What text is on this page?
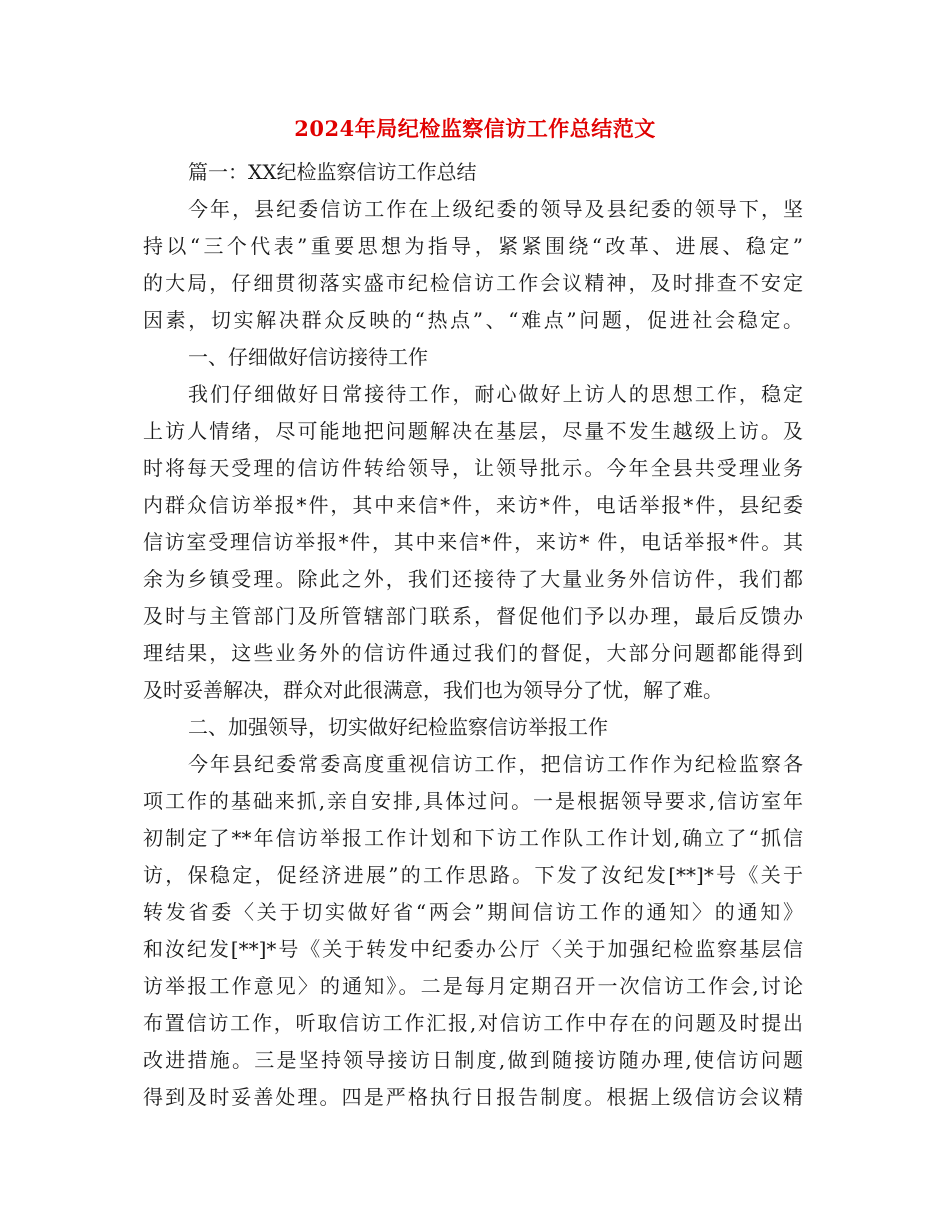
2024年局纪检监察信访工作总结范文
篇一：XX纪检监察信访工作总结
今年，县纪委信访工作在上级纪委的领导及县纪委的领导下，坚
持以“三个代表”重要思想为指导，紧紧围绕“改革、进展、稳定”
的大局，仔细贯彻落实盛市纪检信访工作会议精神，及时排查不安定
因素，切实解决群众反映的“热点”、“难点”问题，促进社会稳定。
一、仔细做好信访接待工作
我们仔细做好日常接待工作，耐心做好上访人的思想工作，稳定
上访人情绪，尽可能地把问题解决在基层，尽量不发生越级上访。及
时将每天受理的信访件转给领导，让领导批示。今年全县共受理业务
内群众信访举报*件，其中来信*件，来访*件，电话举报*件，县纪委
信访室受理信访举报*件，其中来信*件，来访* 件，电话举报*件。其
余为乡镇受理。除此之外，我们还接待了大量业务外信访件，我们都
及时与主管部门及所管辖部门联系，督促他们予以办理，最后反馈办
理结果，这些业务外的信访件通过我们的督促，大部分问题都能得到
及时妥善解决，群众对此很满意，我们也为领导分了忧，解了难。
二、加强领导，切实做好纪检监察信访举报工作
今年县纪委常委高度重视信访工作，把信访工作作为纪检监察各
项工作的基础来抓,亲自安排,具体过问。一是根据领导要求,信访室年
初制定了**年信访举报工作计划和下访工作队工作计划,确立了“抓信
访，保稳定，促经济进展”的工作思路。下发了汝纪发[**]*号《关于
转发省委〈关于切实做好省“两会”期间信访工作的通知〉的通知》
和汝纪发[**]*号《关于转发中纪委办公厅〈关于加强纪检监察基层信
访举报工作意见〉的通知》。二是每月定期召开一次信访工作会,讨论
布置信访工作，听取信访工作汇报,对信访工作中存在的问题及时提出
改进措施。三是坚持领导接访日制度,做到随接访随办理,使信访问题
得到及时妥善处理。四是严格执行日报告制度。根据上级信访会议精
